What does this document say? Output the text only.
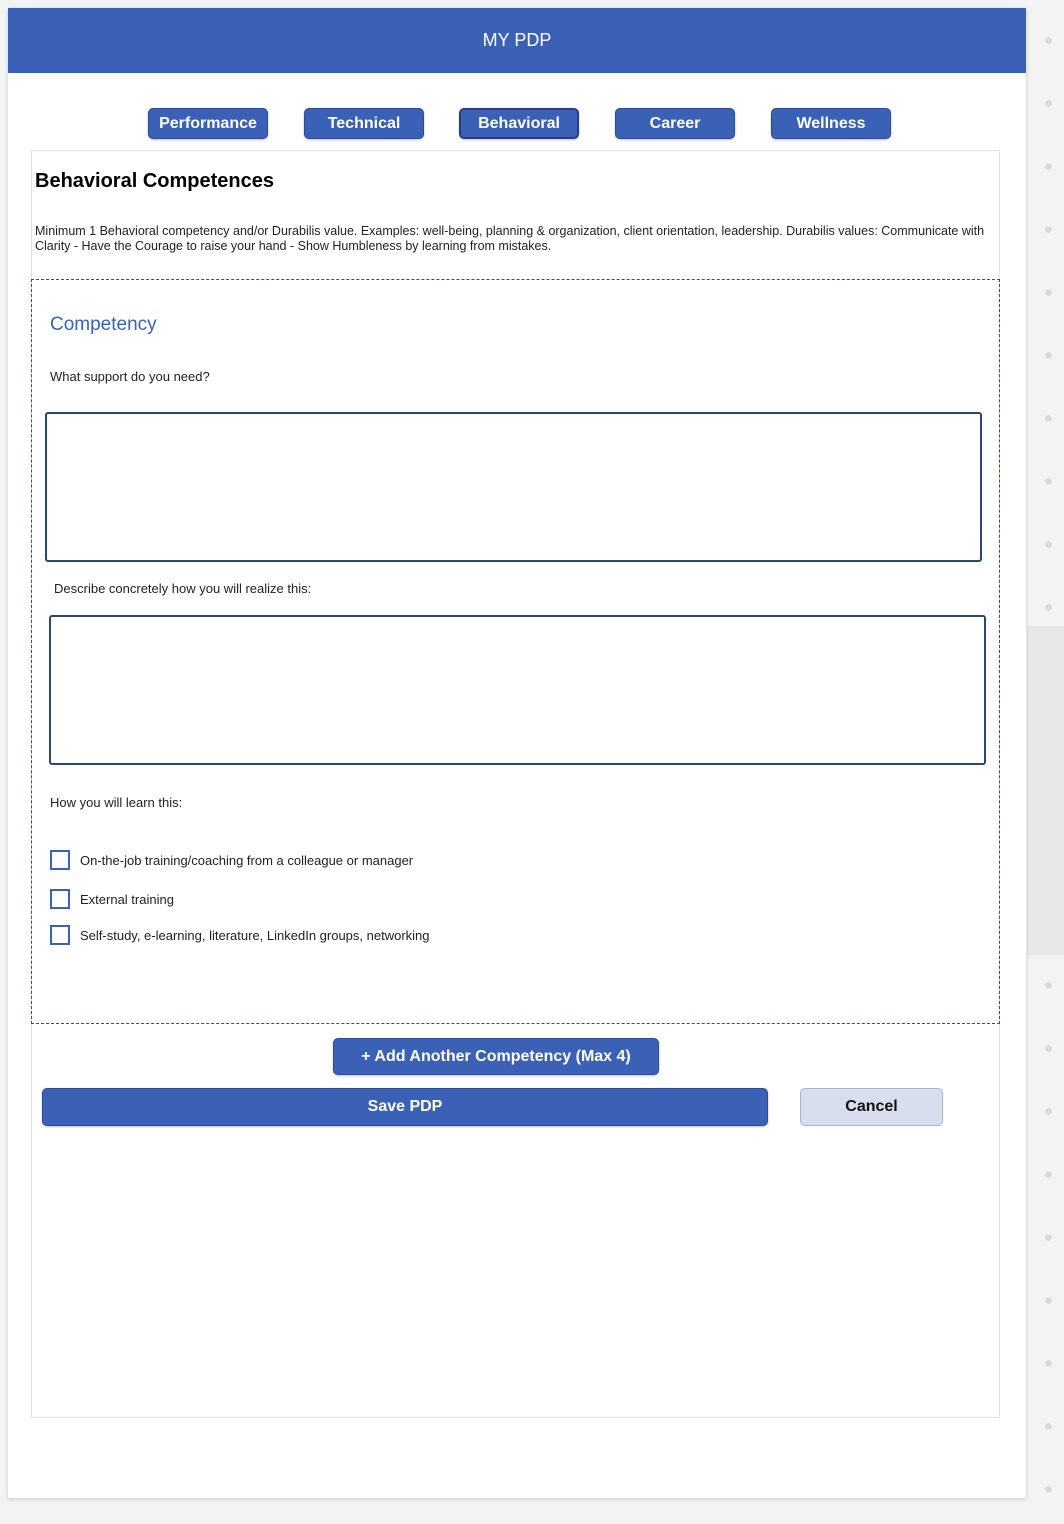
MY PDP
Performance	Technical	Behavioral	Career	Wellness
Behavioral Competences
Minimum 1 Behavioral competency and/or Durabilis value. Examples: well-being, planning & organization, client orientation, leadership. Durabilis values: Communicate with Clarity - Have the Courage to raise your hand - Show Humbleness by learning from mistakes.
Competency
What support do you need?
Describe concretely how you will realize this:
How you will learn this:
On-the-job training/coaching from a colleague or manager
External training
Self-study, e-learning, literature, LinkedIn groups, networking
+ Add Another Competency (Max 4)
Save PDP	Cancel
